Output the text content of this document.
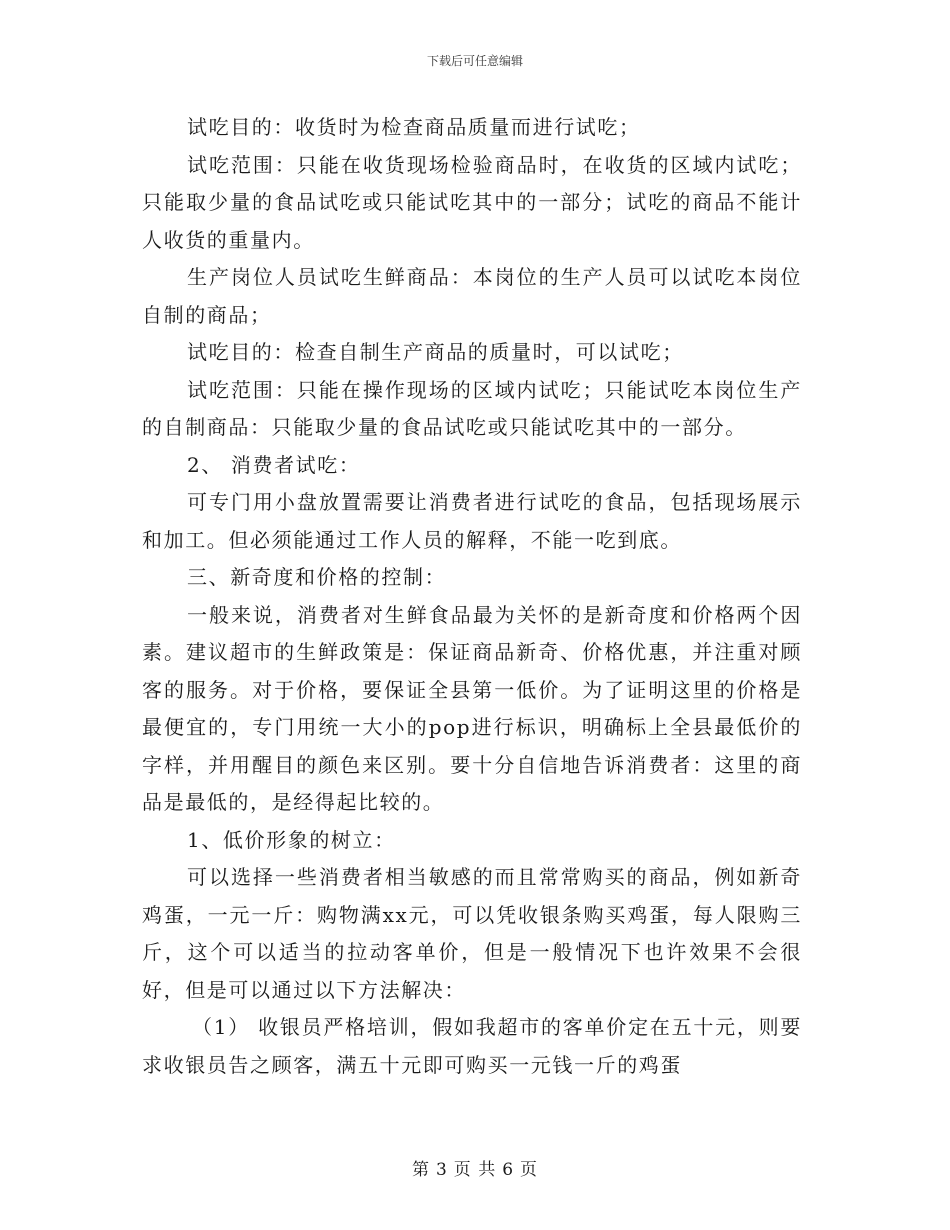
下载后可任意编辑

试吃目的：收货时为检查商品质量而进行试吃；

试吃范围：只能在收货现场检验商品时，在收货的区域内试吃；只能取少量的食品试吃或只能试吃其中的一部分；试吃的商品不能计人收货的重量内。

生产岗位人员试吃生鲜商品：本岗位的生产人员可以试吃本岗位自制的商品；

试吃目的：检查自制生产商品的质量时，可以试吃；

试吃范围：只能在操作现场的区域内试吃；只能试吃本岗位生产的自制商品：只能取少量的食品试吃或只能试吃其中的一部分。

2、 消费者试吃：

可专门用小盘放置需要让消费者进行试吃的食品，包括现场展示和加工。但必须能通过工作人员的解释，不能一吃到底。

三、新奇度和价格的控制：

一般来说，消费者对生鲜食品最为关怀的是新奇度和价格两个因素。建议超市的生鲜政策是：保证商品新奇、价格优惠，并注重对顾客的服务。对于价格，要保证全县第一低价。为了证明这里的价格是最便宜的，专门用统一大小的pop进行标识，明确标上全县最低价的字样，并用醒目的颜色来区别。要十分自信地告诉消费者：这里的商品是最低的，是经得起比较的。

1、低价形象的树立：

可以选择一些消费者相当敏感的而且常常购买的商品，例如新奇鸡蛋，一元一斤：购物满xx元，可以凭收银条购买鸡蛋，每人限购三斤，这个可以适当的拉动客单价，但是一般情况下也许效果不会很好，但是可以通过以下方法解决：

（1） 收银员严格培训，假如我超市的客单价定在五十元，则要求收银员告之顾客，满五十元即可购买一元钱一斤的鸡蛋

第 3 页 共 6 页
